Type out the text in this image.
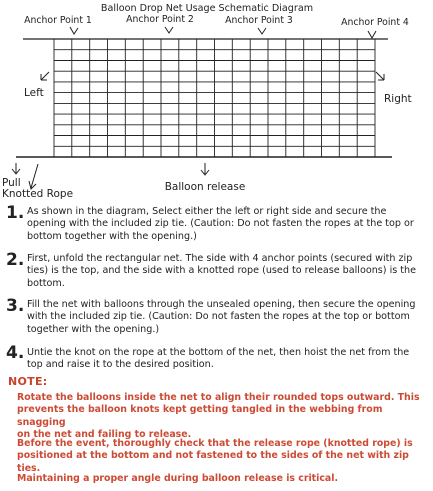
Balloon Drop Net Usage Schematic Diagram
Anchor Point 1	Anchor Point 2	Anchor Point 3	Anchor Point 4
Left	Right
Pull
Knotted Rope
Balloon release
1. As shown in the diagram, Select either the left or right side and secure the
opening with the included zip tie. (Caution: Do not fasten the ropes at the top or
bottom together with the opening.)
2. First, unfold the rectangular net. The side with 4 anchor points (secured with zip
ties) is the top, and the side with a knotted rope (used to release balloons) is the
bottom.
3. Fill the net with balloons through the unsealed opening, then secure the opening
with the included zip tie. (Caution: Do not fasten the ropes at the top or bottom
together with the opening.)
4. Untie the knot on the rope at the bottom of the net, then hoist the net from the
top and raise it to the desired position.
NOTE:
Rotate the balloons inside the net to align their rounded tops outward. This
prevents the balloon knots kept getting tangled in the webbing from snagging
on the net and failing to release.
Before the event, thoroughly check that the release rope (knotted rope) is
positioned at the bottom and not fastened to the sides of the net with zip ties.
Maintaining a proper angle during balloon release is critical.
